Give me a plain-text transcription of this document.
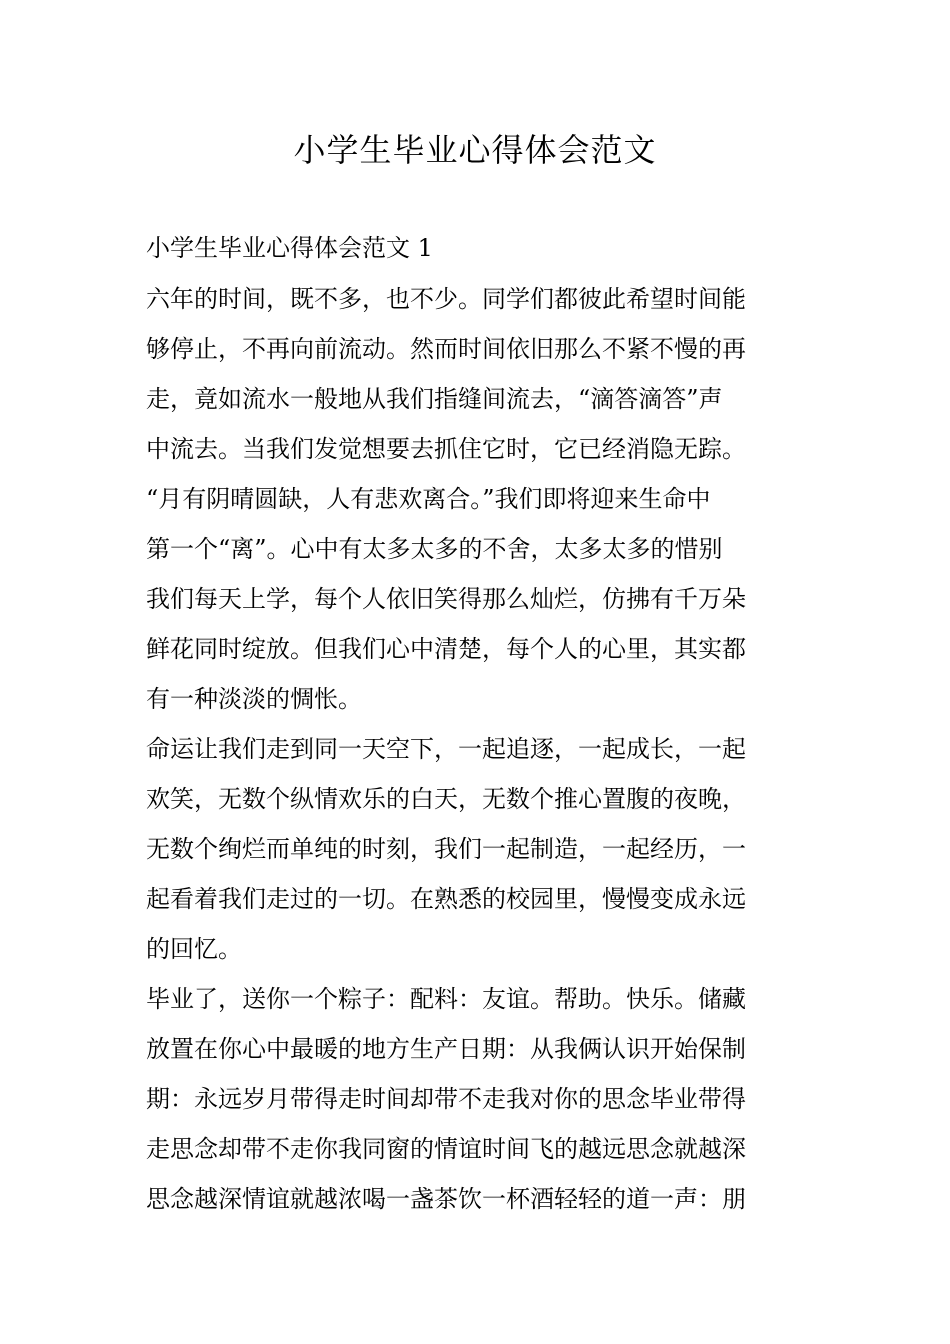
小学生毕业心得体会范文

小学生毕业心得体会范文 1

六年的时间，既不多，也不少。同学们都彼此希望时间能
够停止，不再向前流动。然而时间依旧那么不紧不慢的再
走，竟如流水一般地从我们指缝间流去，“滴答滴答”声
中流去。当我们发觉想要去抓住它时，它已经消隐无踪。
“月有阴晴圆缺，人有悲欢离合。”我们即将迎来生命中
第一个“离”。心中有太多太多的不舍，太多太多的惜别
我们每天上学，每个人依旧笑得那么灿烂，仿拂有千万朵
鲜花同时绽放。但我们心中清楚，每个人的心里，其实都
有一种淡淡的惆怅。
命运让我们走到同一天空下，一起追逐，一起成长，一起
欢笑，无数个纵情欢乐的白天，无数个推心置腹的夜晚，
无数个绚烂而单纯的时刻，我们一起制造，一起经历，一
起看着我们走过的一切。在熟悉的校园里，慢慢变成永远
的回忆。
毕业了，送你一个粽子：配料：友谊。帮助。快乐。储藏
放置在你心中最暖的地方生产日期：从我俩认识开始保制
期：永远岁月带得走时间却带不走我对你的思念毕业带得
走思念却带不走你我同窗的情谊时间飞的越远思念就越深
思念越深情谊就越浓喝一盏茶饮一杯酒轻轻的道一声：朋
